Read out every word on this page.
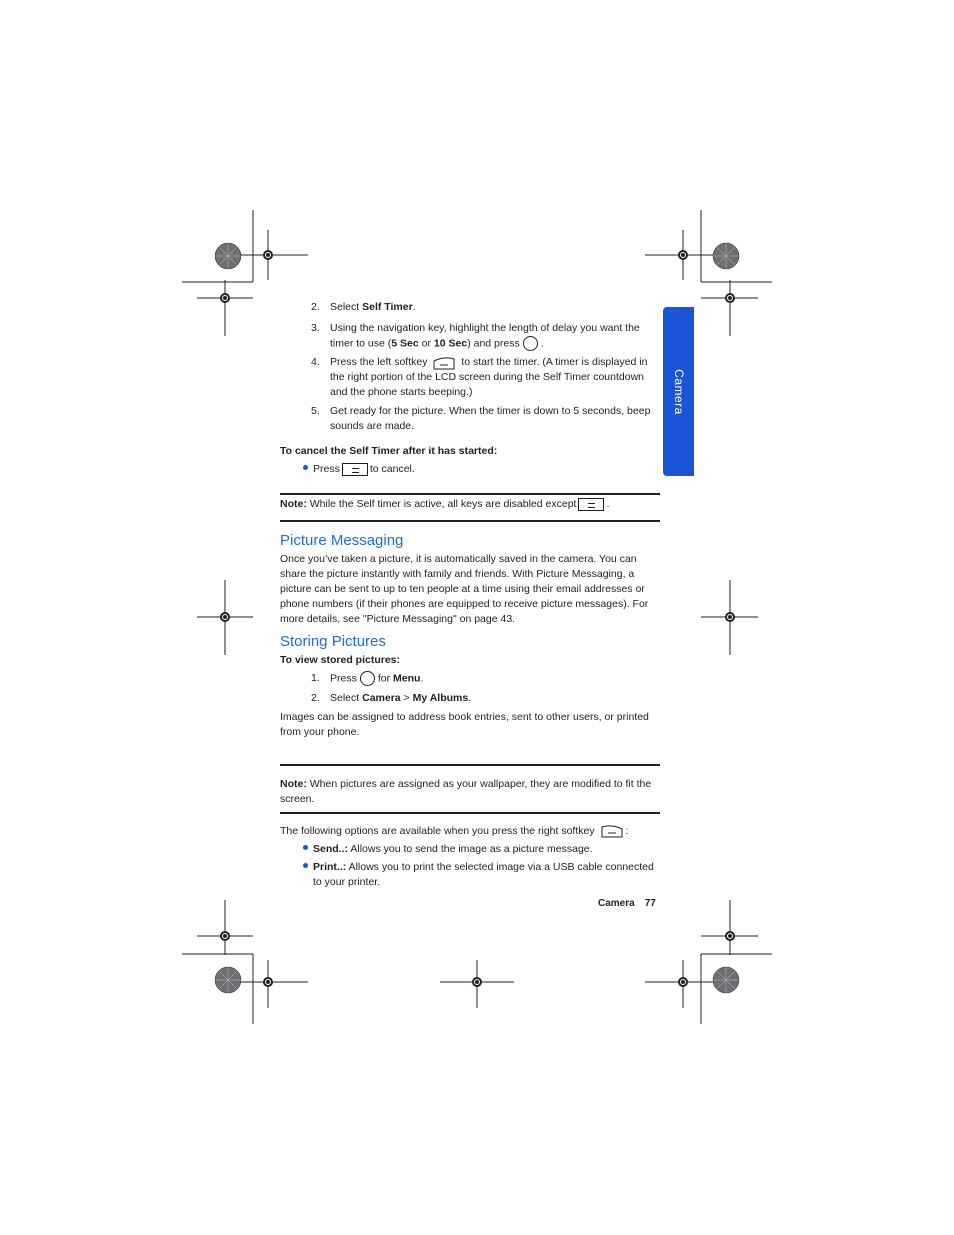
Camera
2. Select Self Timer.
3. Using the navigation key, highlight the length of delay you want the timer to use (5 Sec or 10 Sec) and press .
4. Press the left softkey	to start the timer. (A timer is displayed in the right portion of the LCD screen during the Self Timer countdown and the phone starts beeping.)
5. Get ready for the picture. When the timer is down to 5 seconds, beep sounds are made.
To cancel the Self Timer after it has started:
Press	to cancel.
Note: While the Self timer is active, all keys are disabled except	.
Picture Messaging

Once you’ve taken a picture, it is automatically saved in the camera. You can share the picture instantly with family and friends. With Picture Messaging, a picture can be sent to up to ten people at a time using their email addresses or phone numbers (if their phones are equipped to receive picture messages). For more details, see "Picture Messaging" on page 43.

Storing Pictures
To view stored pictures:
1. Press for Menu.
2. Select Camera > My Albums.

Images can be assigned to address book entries, sent to other users, or printed from your phone.

Note: When pictures are assigned as your wallpaper, they are modified to fit the screen.

The following options are available when you press the right softkey	:

Send..: Allows you to send the image as a picture message.
Print..: Allows you to print the selected image via a USB cable connected to your printer.
Camera 77
